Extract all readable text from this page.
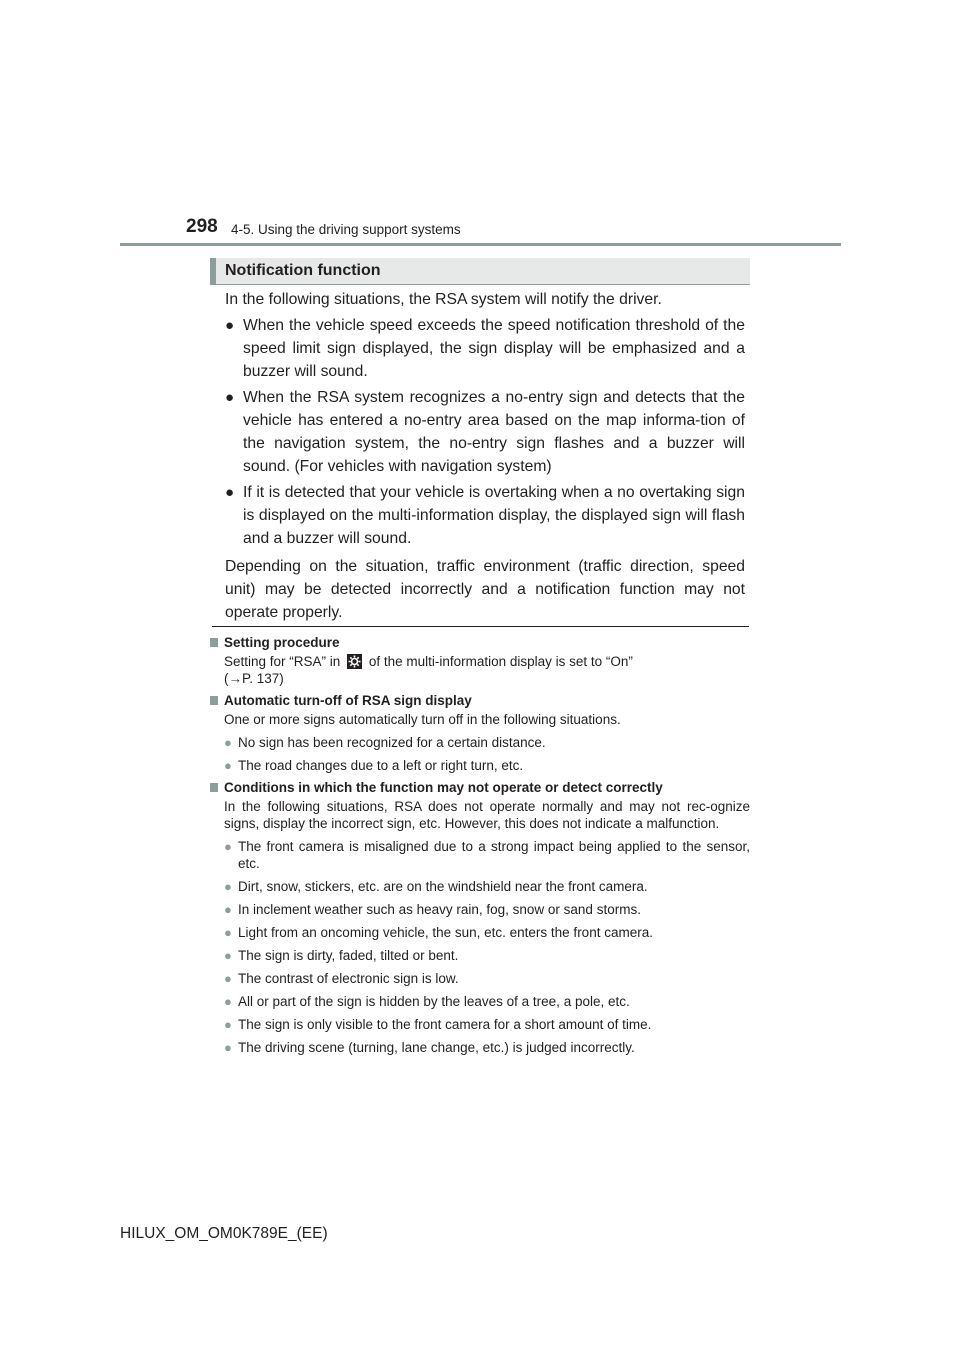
298 4-5. Using the driving support systems
Notification function

In the following situations, the RSA system will notify the driver.

● When the vehicle speed exceeds the speed notification threshold of the speed limit sign displayed, the sign display will be emphasized and a buzzer will sound.
● When the RSA system recognizes a no-entry sign and detects that the vehicle has entered a no-entry area based on the map informa-tion of the navigation system, the no-entry sign flashes and a buzzer will sound. (For vehicles with navigation system)
● If it is detected that your vehicle is overtaking when a no overtaking sign is displayed on the multi-information display, the displayed sign will flash and a buzzer will sound.

Depending on the situation, traffic environment (traffic direction, speed unit) may be detected incorrectly and a notification function may not operate properly.

Setting procedure
Setting for “RSA” in of the multi-information display is set to “On”
(→P. 137)
Automatic turn-off of RSA sign display
One or more signs automatically turn off in the following situations.
● No sign has been recognized for a certain distance.
● The road changes due to a left or right turn, etc.
Conditions in which the function may not operate or detect correctly
In the following situations, RSA does not operate normally and may not rec-ognize signs, display the incorrect sign, etc. However, this does not indicate a malfunction.
● The front camera is misaligned due to a strong impact being applied to the sensor, etc.
● Dirt, snow, stickers, etc. are on the windshield near the front camera.
● In inclement weather such as heavy rain, fog, snow or sand storms.
● Light from an oncoming vehicle, the sun, etc. enters the front camera.
● The sign is dirty, faded, tilted or bent.
● The contrast of electronic sign is low.
● All or part of the sign is hidden by the leaves of a tree, a pole, etc.
● The sign is only visible to the front camera for a short amount of time.
● The driving scene (turning, lane change, etc.) is judged incorrectly.
HILUX_OM_OM0K789E_(EE)
